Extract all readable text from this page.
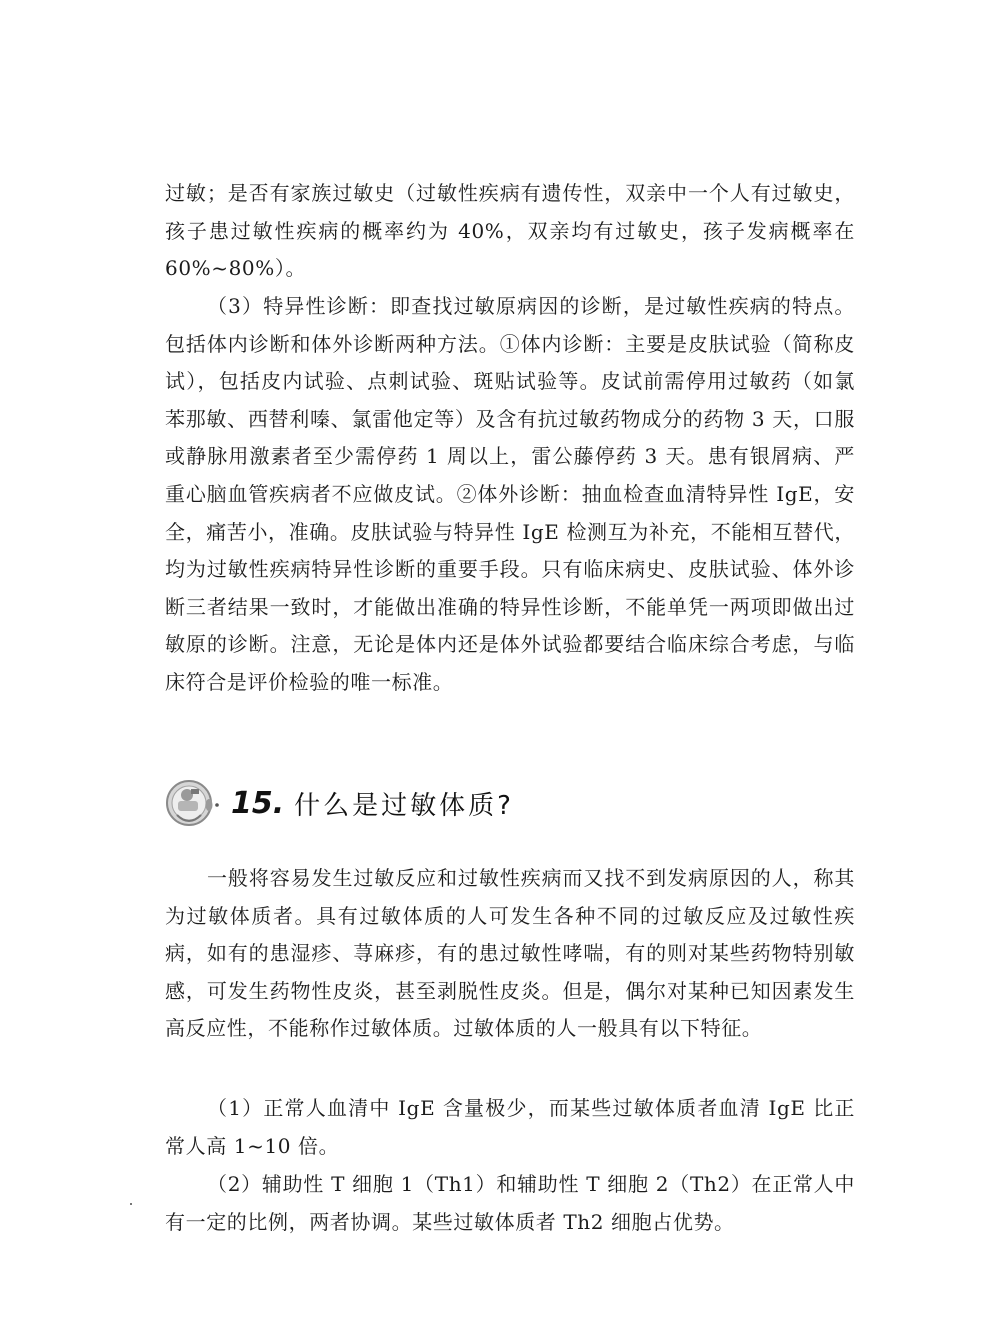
过敏；是否有家族过敏史（过敏性疾病有遗传性，双亲中一个人有过敏史，孩子患过敏性疾病的概率约为 40%，双亲均有过敏史，孩子发病概率在 60%~80%）。

（3）特异性诊断：即查找过敏原病因的诊断，是过敏性疾病的特点。包括体内诊断和体外诊断两种方法。①体内诊断：主要是皮肤试验（简称皮试），包括皮内试验、点刺试验、斑贴试验等。皮试前需停用过敏药（如氯苯那敏、西替利嗪、氯雷他定等）及含有抗过敏药物成分的药物 3 天，口服或静脉用激素者至少需停药 1 周以上，雷公藤停药 3 天。患有银屑病、严重心脑血管疾病者不应做皮试。②体外诊断：抽血检查血清特异性 IgE，安全，痛苦小，准确。皮肤试验与特异性 IgE 检测互为补充，不能相互替代，均为过敏性疾病特异性诊断的重要手段。只有临床病史、皮肤试验、体外诊断三者结果一致时，才能做出准确的特异性诊断，不能单凭一两项即做出过敏原的诊断。注意，无论是体内还是体外试验都要结合临床综合考虑，与临床符合是评价检验的唯一标准。

15. 什么是过敏体质?

一般将容易发生过敏反应和过敏性疾病而又找不到发病原因的人，称其为过敏体质者。具有过敏体质的人可发生各种不同的过敏反应及过敏性疾病，如有的患湿疹、荨麻疹，有的患过敏性哮喘，有的则对某些药物特别敏感，可发生药物性皮炎，甚至剥脱性皮炎。但是，偶尔对某种已知因素发生高反应性，不能称作过敏体质。过敏体质的人一般具有以下特征。

（1）正常人血清中 IgE 含量极少，而某些过敏体质者血清 IgE 比正常人高 1~10 倍。

（2）辅助性 T 细胞 1（Th1）和辅助性 T 细胞 2（Th2）在正常人中有一定的比例，两者协调。某些过敏体质者 Th2 细胞占优势。
